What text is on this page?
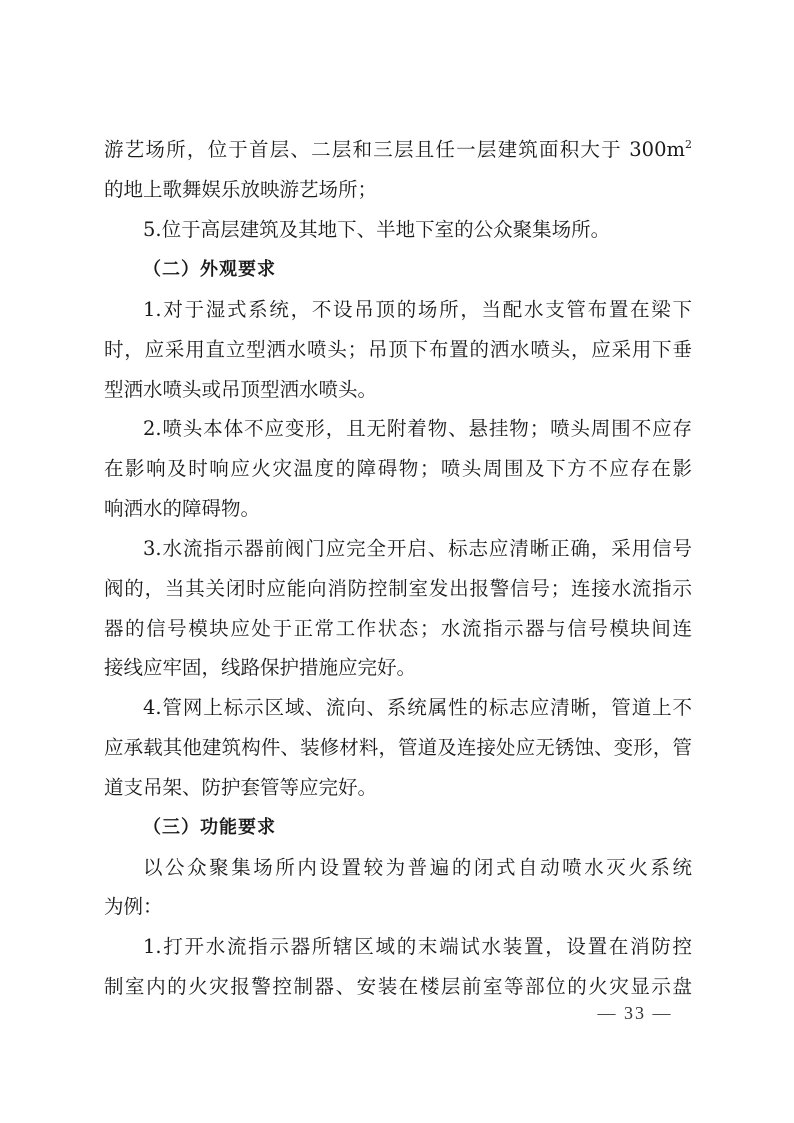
游艺场所，位于首层、二层和三层且任一层建筑面积大于 $300m^2$
的地上歌舞娱乐放映游艺场所；
5.位于高层建筑及其地下、半地下室的公众聚集场所。
（二）外观要求
1.对于湿式系统，不设吊顶的场所，当配水支管布置在梁下
时，应采用直立型洒水喷头；吊顶下布置的洒水喷头，应采用下垂
型洒水喷头或吊顶型洒水喷头。
2.喷头本体不应变形，且无附着物、悬挂物；喷头周围不应存
在影响及时响应火灾温度的障碍物；喷头周围及下方不应存在影
响洒水的障碍物。
3.水流指示器前阀门应完全开启、标志应清晰正确，采用信号
阀的，当其关闭时应能向消防控制室发出报警信号；连接水流指示
器的信号模块应处于正常工作状态；水流指示器与信号模块间连
接线应牢固，线路保护措施应完好。
4.管网上标示区域、流向、系统属性的标志应清晰，管道上不
应承载其他建筑构件、装修材料，管道及连接处应无锈蚀、变形，管
道支吊架、防护套管等应完好。
（三）功能要求
以公众聚集场所内设置较为普遍的闭式自动喷水灭火系统
为例：
1.打开水流指示器所辖区域的末端试水装置，设置在消防控
制室内的火灾报警控制器、安装在楼层前室等部位的火灾显示盘
— 33 —
